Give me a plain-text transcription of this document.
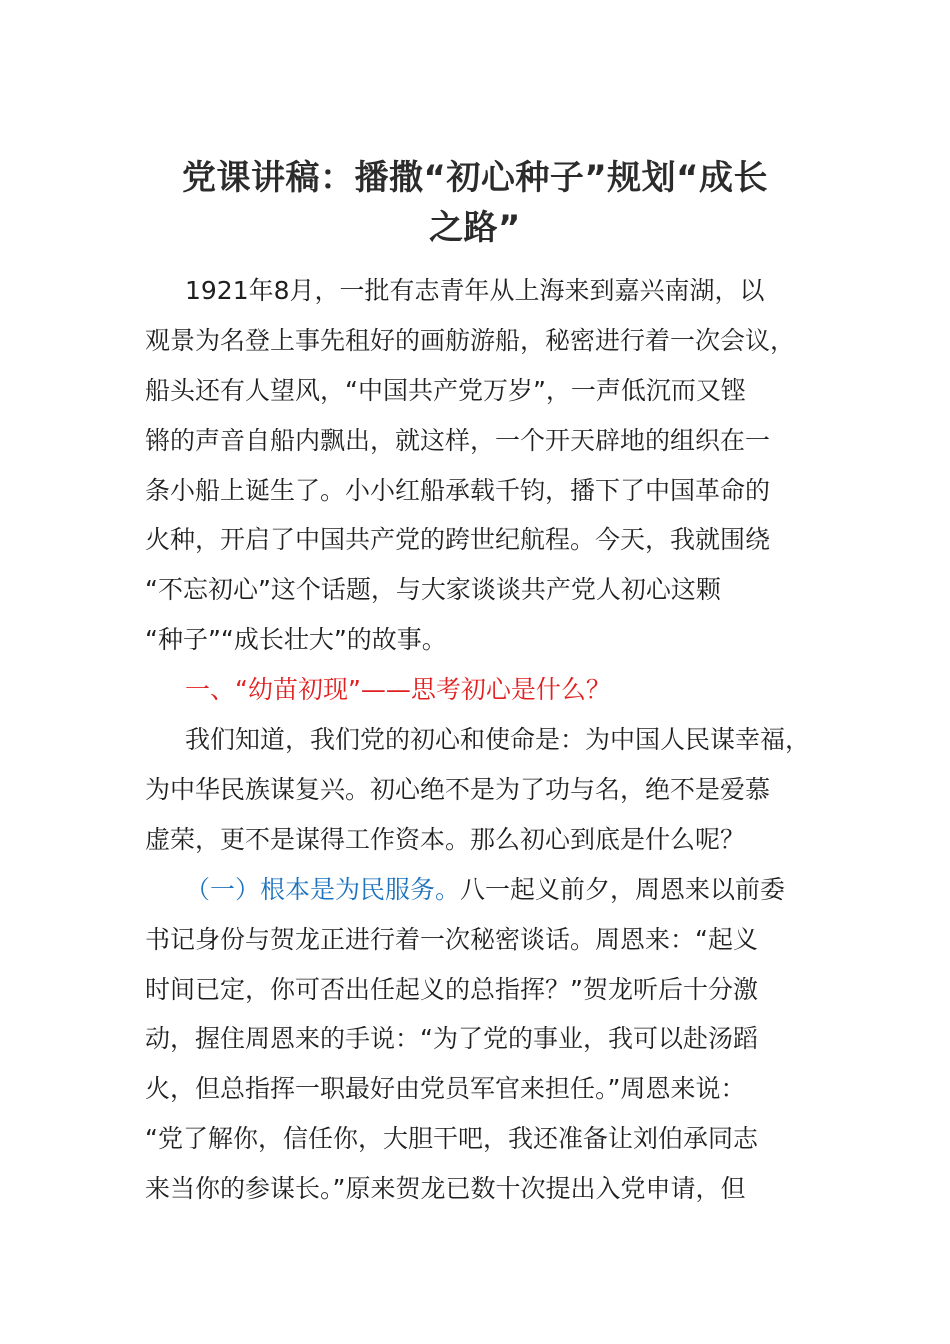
党课讲稿：播撒“初心种子”规划“成长
之路”
1921年8月，一批有志青年从上海来到嘉兴南湖，以
观景为名登上事先租好的画舫游船，秘密进行着一次会议，
船头还有人望风，“中国共产党万岁”，一声低沉而又铿
锵的声音自船内飘出，就这样，一个开天辟地的组织在一
条小船上诞生了。小小红船承载千钧，播下了中国革命的
火种，开启了中国共产党的跨世纪航程。今天，我就围绕
“不忘初心”这个话题，与大家谈谈共产党人初心这颗
“种子”“成长壮大”的故事。
一、“幼苗初现”——思考初心是什么？
我们知道，我们党的初心和使命是：为中国人民谋幸福，
为中华民族谋复兴。初心绝不是为了功与名，绝不是爱慕
虚荣，更不是谋得工作资本。那么初心到底是什么呢？
（一）根本是为民服务。八一起义前夕，周恩来以前委
书记身份与贺龙正进行着一次秘密谈话。周恩来：“起义
时间已定，你可否出任起义的总指挥？”贺龙听后十分激
动，握住周恩来的手说：“为了党的事业，我可以赴汤蹈
火，但总指挥一职最好由党员军官来担任。”周恩来说：
“党了解你，信任你，大胆干吧，我还准备让刘伯承同志
来当你的参谋长。”原来贺龙已数十次提出入党申请，但
